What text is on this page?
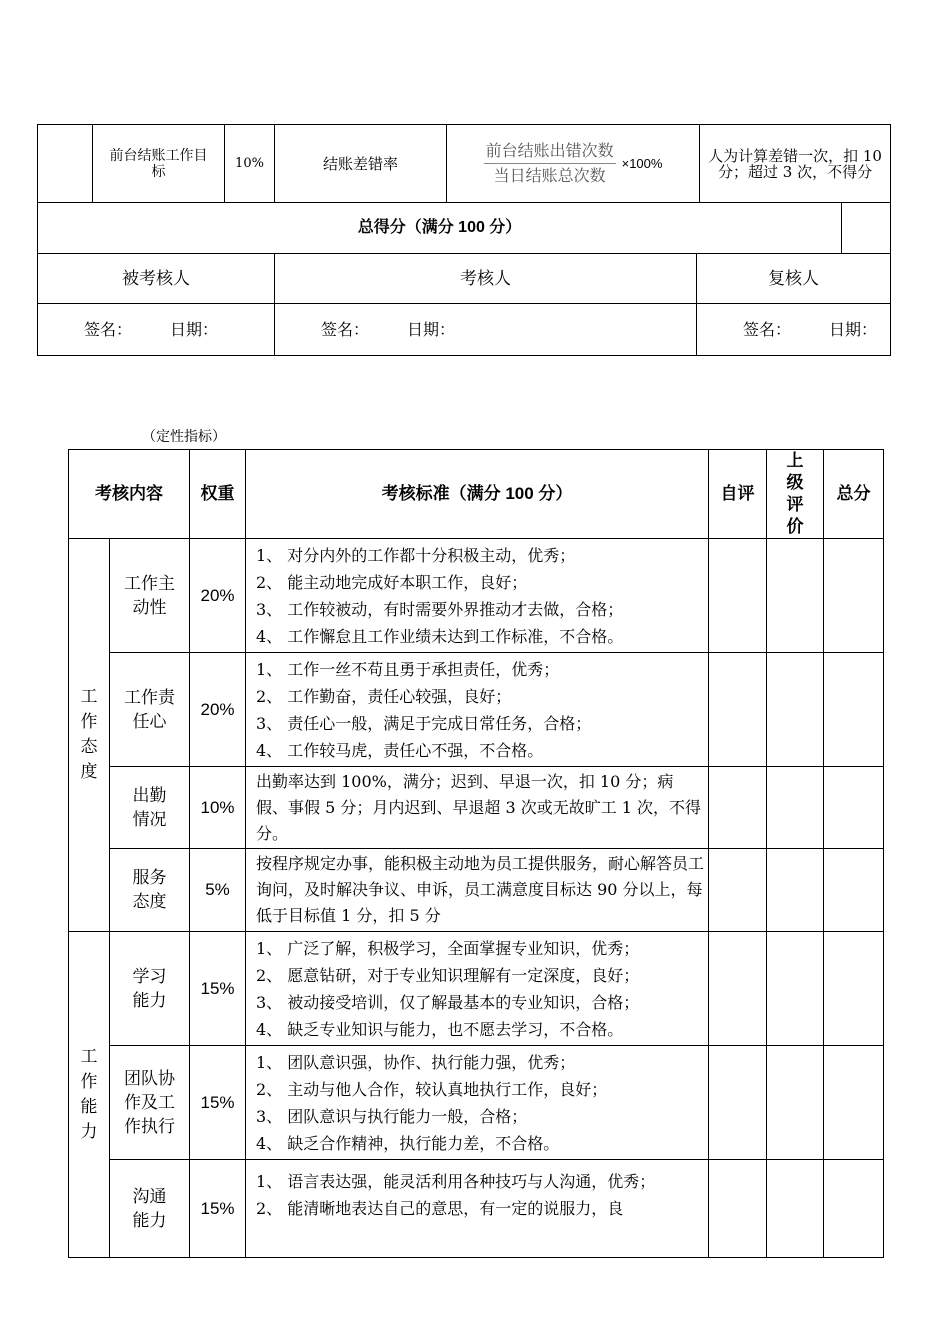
	前台结账工作目标	10%	结账差错率	$\frac{\text{前台结账出错次数}}{\text{当日结账总次数}} \times 100\%$		人为计算差错一次，扣 10 分；超过 3 次，不得分	
总得分（满分 100 分）							
被考核人			考核人		复核人		
签名： 日期：			签名： 日期：		签名： 日期：		
（定性指标）
考核内容		权重	考核标准（满分 100 分）	自评	上级评价	总分
工作态度	工作主动性	20%	1、 对分内外的工作都十分积极主动，优秀；
2、 能主动地完成好本职工作，良好；
3、 工作较被动，有时需要外界推动才去做，合格；
4、 工作懈怠且工作业绩未达到工作标准，不合格。			

	工作责任心	20%	1、 工作一丝不苟且勇于承担责任，优秀；
2、 工作勤奋，责任心较强，良好；
3、 责任心一般，满足于完成日常任务，合格；
4、 工作较马虎，责任心不强，不合格。			

	出勤情况	10%	出勤率达到 100%，满分；迟到、早退一次，扣 10 分；病假、事假 5 分；月内迟到、早退超 3 次或无故旷工 1 次，不得分。			
	服务态度	5%	按程序规定办事，能积极主动地为员工提供服务，耐心解答员工询问，及时解决争议、申诉，员工满意度目标达 90 分以上，每低于目标值 1 分，扣 5 分			
工作能力	学习能力	15%	1、 广泛了解，积极学习，全面掌握专业知识，优秀；
2、 愿意钻研，对于专业知识理解有一定深度，良好；
3、 被动接受培训，仅了解最基本的专业知识，合格；
4、 缺乏专业知识与能力，也不愿去学习，不合格。			

	团队协作及工作执行	15%	1、 团队意识强，协作、执行能力强，优秀；
2、 主动与他人合作，较认真地执行工作，良好；
3、 团队意识与执行能力一般，合格；
4、 缺乏合作精神，执行能力差，不合格。			

	沟通能力	15%	1、 语言表达强，能灵活利用各种技巧与人沟通，优秀；
2、 能清晰地表达自己的意思，有一定的说服力，良			
